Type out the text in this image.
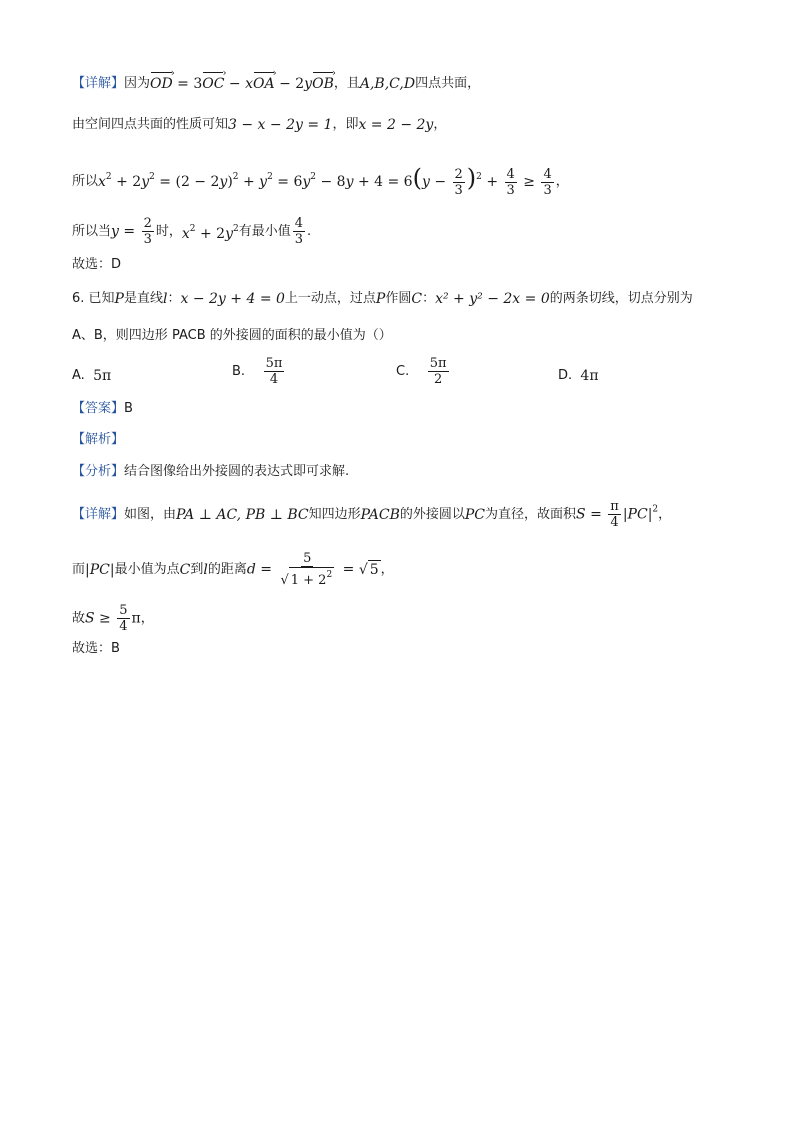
【详解】 因为 OD › = 3OC › − xOA › − 2yOB › ，且 A,B,C,D 四点共面，
由空间四点共面的性质可知 3 − x − 2y = 1 ，即 x = 2 − 2y ，
所以 $x^2 + 2y^2 = (2 - 2y)^2 + y^2 = 6y^2 - 8y + 4 = 6(y - \frac{2}{3} )^2 + \frac{4}{3} \ge \frac{4}{3}$ ，
所以当 $y = \frac{2}{3}$ 时， $x^2 + 2y^2$ 有最小值 $\frac{4}{3}$ .
故选：D
6. 已知 P 是直线 l ： x − 2y + 4 = 0 上一动点，过点 P 作圆 C ： x² + y² − 2x = 0 的两条切线，切点分别为
A、B，则四边形 PACB 的外接圆的面积的最小值为（）
A.
5π	B.
$\frac{5\pi}{4}$	C.
$\frac{5\pi}{2}$	D.
4π
【答案】 B
【解析】
【分析】 结合图像给出外接圆的表达式即可求解.
【详解】 如图，由 PA ⊥ AC, PB ⊥ BC 知四边形 PACB 的外接圆以 PC 为直径，故面积 $S = \frac{\pi}{4} |PC|^2$ ，
而 |PC| 最小值为点 C 到 l 的距离 $d = \frac{5}{√ 1 + 2^2}$ = √ 5 ，
故 $S \ge \frac{5}{4}$ π ，
故选：B
